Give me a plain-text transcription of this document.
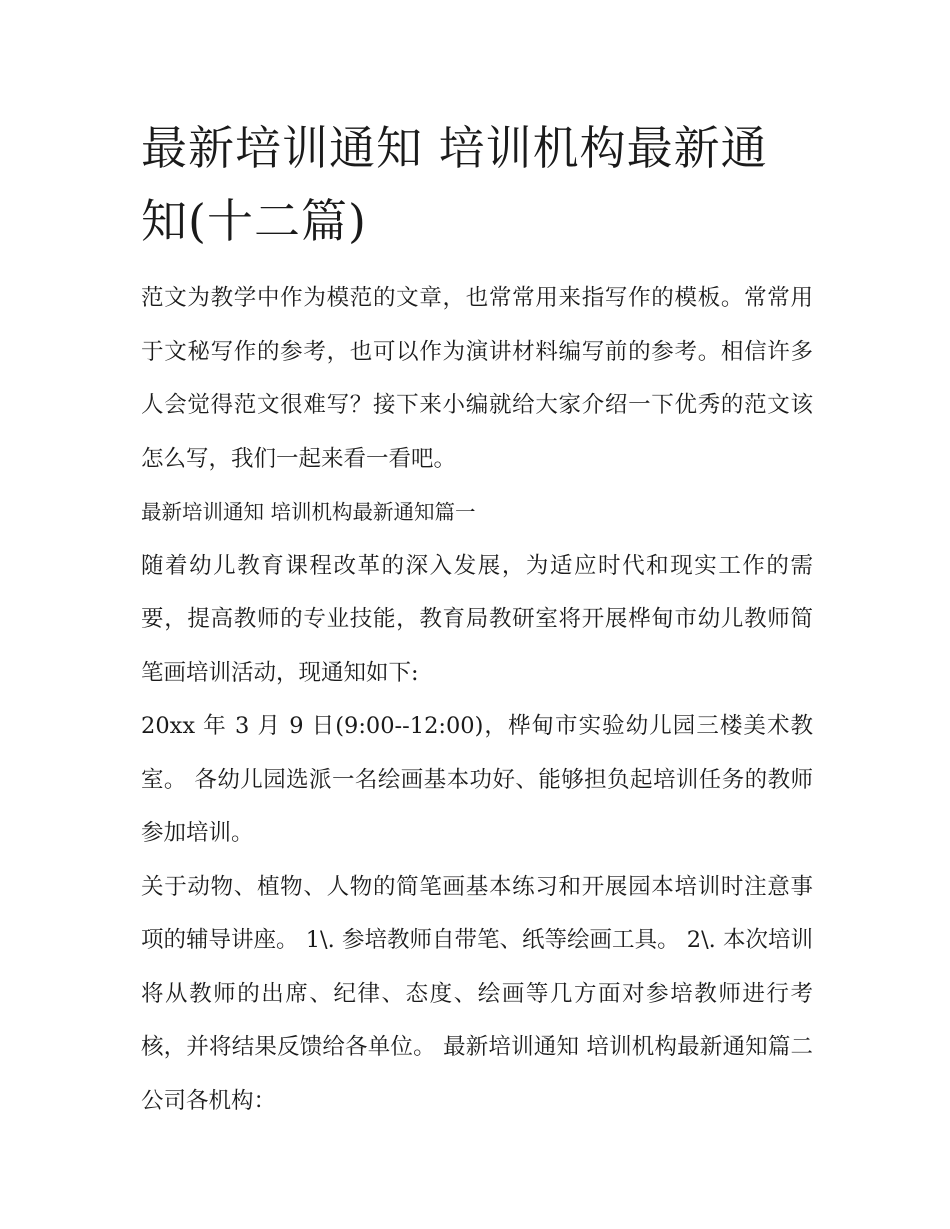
最新培训通知 培训机构最新通知(十二篇)

范文为教学中作为模范的文章，也常常用来指写作的模板。常常用于文秘写作的参考，也可以作为演讲材料编写前的参考。相信许多人会觉得范文很难写？接下来小编就给大家介绍一下优秀的范文该怎么写，我们一起来看一看吧。

最新培训通知 培训机构最新通知篇一

随着幼儿教育课程改革的深入发展，为适应时代和现实工作的需要，提高教师的专业技能，教育局教研室将开展桦甸市幼儿教师简笔画培训活动，现通知如下:

20xx 年 3 月 9 日(9:00--12:00)，桦甸市实验幼儿园三楼美术教室。 各幼儿园选派一名绘画基本功好、能够担负起培训任务的教师参加培训。

关于动物、植物、人物的简笔画基本练习和开展园本培训时注意事项的辅导讲座。 1\. 参培教师自带笔、纸等绘画工具。 2\. 本次培训将从教师的出席、纪律、态度、绘画等几方面对参培教师进行考核，并将结果反馈给各单位。 最新培训通知 培训机构最新通知篇二 公司各机构：
